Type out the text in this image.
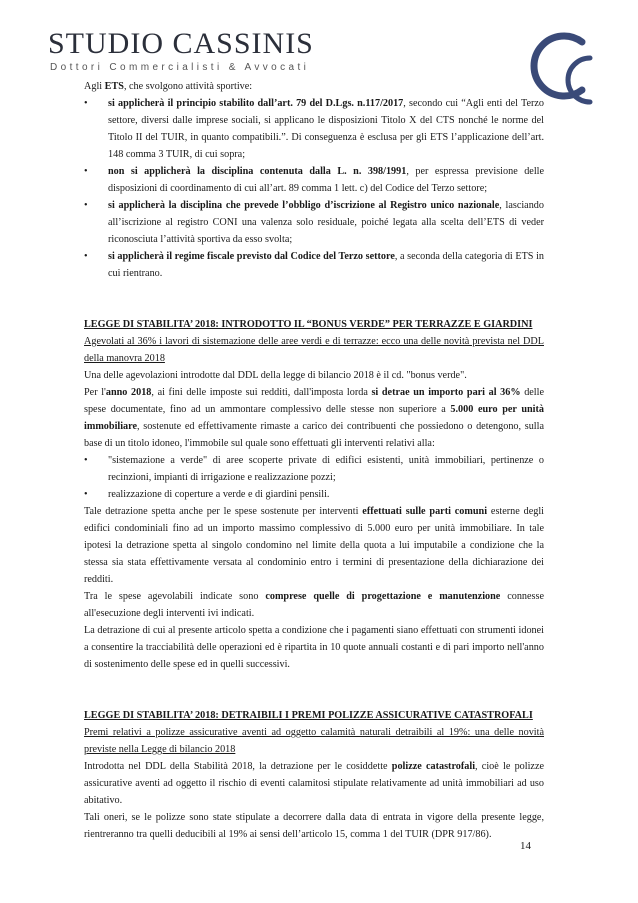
STUDIO CASSINIS
Dottori Commercialisti & Avvocati

Agli ETS, che svolgono attività sportive:

•	si applicherà il principio stabilito dall’art. 79 del D.Lgs. n.117/2017, secondo cui “Agli enti del Terzo settore, diversi dalle imprese sociali, si applicano le disposizioni Titolo X del CTS nonché le norme del Titolo II del TUIR, in quanto compatibili.”. Di conseguenza è esclusa per gli ETS l’applicazione dell’art. 148 comma 3 TUIR, di cui sopra;
•	non si applicherà la disciplina contenuta dalla L. n. 398/1991, per espressa previsione delle disposizioni di coordinamento di cui all’art. 89 comma 1 lett. c) del Codice del Terzo settore;
•	si applicherà la disciplina che prevede l’obbligo d’iscrizione al Registro unico nazionale, lasciando all’iscrizione al registro CONI una valenza solo residuale, poiché legata alla scelta dell’ETS di veder riconosciuta l’attività sportiva da esso svolta;
•	si applicherà il regime fiscale previsto dal Codice del Terzo settore, a seconda della categoria di ETS in cui rientrano.

LEGGE DI STABILITA’ 2018: INTRODOTTO IL “BONUS VERDE” PER TERRAZZE E GIARDINI

Agevolati al 36% i lavori di sistemazione delle aree verdi e di terrazze: ecco una delle novità prevista nel DDL della manovra 2018

Una delle agevolazioni introdotte dal DDL della legge di bilancio 2018 è il cd. "bonus verde".

Per l'anno 2018, ai fini delle imposte sui redditi, dall'imposta lorda si detrae un importo pari al 36% delle spese documentate, fino ad un ammontare complessivo delle stesse non superiore a 5.000 euro per unità immobiliare, sostenute ed effettivamente rimaste a carico dei contribuenti che possiedono o detengono, sulla base di un titolo idoneo, l'immobile sul quale sono effettuati gli interventi relativi alla:

•	"sistemazione a verde" di aree scoperte private di edifici esistenti, unità immobiliari, pertinenze o recinzioni, impianti di irrigazione e realizzazione pozzi;
•	realizzazione di coperture a verde e di giardini pensili.

Tale detrazione spetta anche per le spese sostenute per interventi effettuati sulle parti comuni esterne degli edifici condominiali fino ad un importo massimo complessivo di 5.000 euro per unità immobiliare. In tale ipotesi la detrazione spetta al singolo condomino nel limite della quota a lui imputabile a condizione che la stessa sia stata effettivamente versata al condominio entro i termini di presentazione della dichiarazione dei redditi.

Tra le spese agevolabili indicate sono comprese quelle di progettazione e manutenzione connesse all'esecuzione degli interventi ivi indicati.

La detrazione di cui al presente articolo spetta a condizione che i pagamenti siano effettuati con strumenti idonei a consentire la tracciabilità delle operazioni ed è ripartita in 10 quote annuali costanti e di pari importo nell'anno di sostenimento delle spese ed in quelli successivi.

LEGGE DI STABILITA’ 2018: DETRAIBILI I PREMI POLIZZE ASSICURATIVE CATASTROFALI

Premi relativi a polizze assicurative aventi ad oggetto calamità naturali detraibili al 19%: una delle novità previste nella Legge di bilancio 2018

Introdotta nel DDL della Stabilità 2018, la detrazione per le cosiddette polizze catastrofali, cioè le polizze assicurative aventi ad oggetto il rischio di eventi calamitosi stipulate relativamente ad unità immobiliari ad uso abitativo.

Tali oneri, se le polizze sono state stipulate a decorrere dalla data di entrata in vigore della presente legge, rientreranno tra quelli deducibili al 19% ai sensi dell’articolo 15, comma 1 del TUIR (DPR 917/86).

14
